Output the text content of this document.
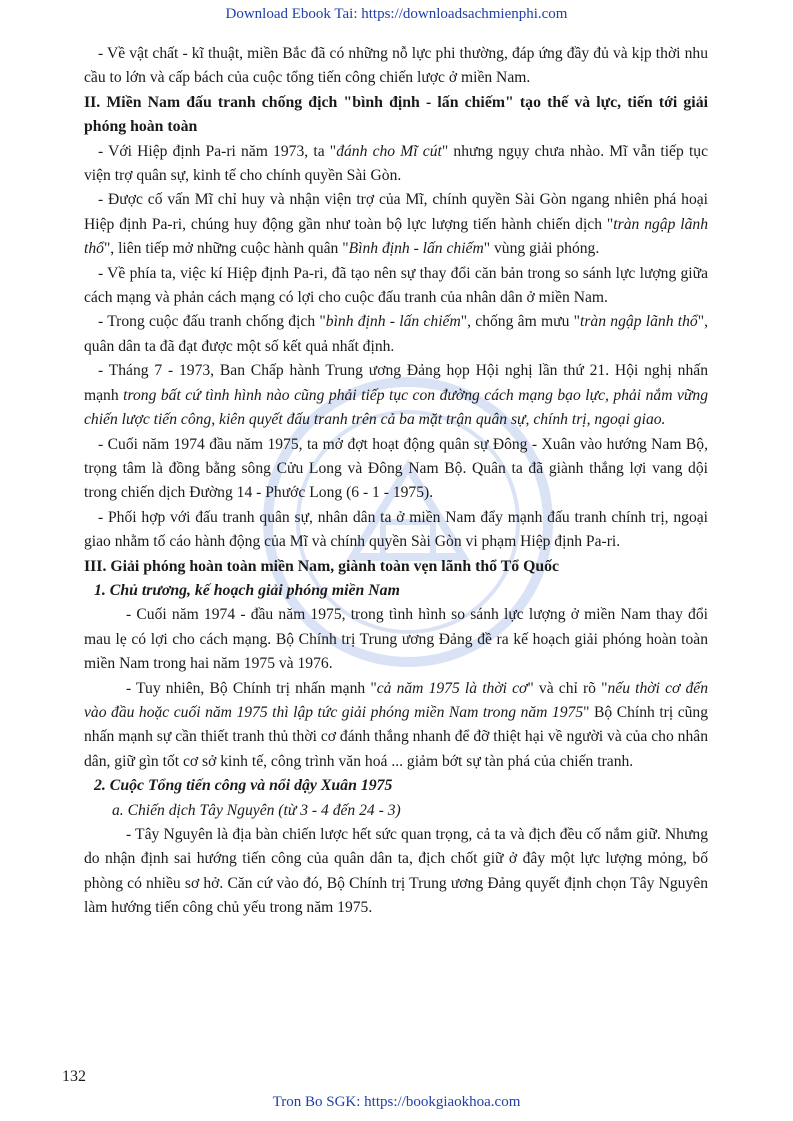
Download Ebook Tai: https://downloadsachmienphi.com

- Về vật chất - kĩ thuật, miền Bắc đã có những nỗ lực phi thường, đáp ứng đầy đủ và kịp thời nhu cầu to lớn và cấp bách của cuộc tổng tiến công chiến lược ở miền Nam.

II. Miền Nam đấu tranh chống địch "bình định - lấn chiếm" tạo thế và lực, tiến tới giải phóng hoàn toàn

- Với Hiệp định Pa-ri năm 1973, ta "đánh cho Mĩ cút" nhưng ngụy chưa nhào. Mĩ vẫn tiếp tục viện trợ quân sự, kinh tế cho chính quyền Sài Gòn.

- Được cố vấn Mĩ chỉ huy và nhận viện trợ của Mĩ, chính quyền Sài Gòn ngang nhiên phá hoại Hiệp định Pa-ri, chúng huy động gần như toàn bộ lực lượng tiến hành chiến dịch "tràn ngập lãnh thổ", liên tiếp mở những cuộc hành quân "Bình định - lấn chiếm" vùng giải phóng.

- Về phía ta, việc kí Hiệp định Pa-ri, đã tạo nên sự thay đổi căn bản trong so sánh lực lượng giữa cách mạng và phản cách mạng có lợi cho cuộc đấu tranh của nhân dân ở miền Nam.

- Trong cuộc đấu tranh chống địch "bình định - lấn chiếm", chống âm mưu "tràn ngập lãnh thổ", quân dân ta đã đạt được một số kết quả nhất định.

- Tháng 7 - 1973, Ban Chấp hành Trung ương Đảng họp Hội nghị lần thứ 21. Hội nghị nhấn mạnh trong bất cứ tình hình nào cũng phải tiếp tục con đường cách mạng bạo lực, phải nắm vững chiến lược tiến công, kiên quyết đấu tranh trên cả ba mặt trận quân sự, chính trị, ngoại giao.

- Cuối năm 1974 đầu năm 1975, ta mở đợt hoạt động quân sự Đông - Xuân vào hướng Nam Bộ, trọng tâm là đồng bằng sông Cửu Long và Đông Nam Bộ. Quân ta đã giành thắng lợi vang dội trong chiến dịch Đường 14 - Phước Long (6 - 1 - 1975).

- Phối hợp với đấu tranh quân sự, nhân dân ta ở miền Nam đẩy mạnh đấu tranh chính trị, ngoại giao nhằm tố cáo hành động của Mĩ và chính quyền Sài Gòn vi phạm Hiệp định Pa-ri.

III. Giải phóng hoàn toàn miền Nam, giành toàn vẹn lãnh thổ Tổ Quốc
1. Chủ trương, kế hoạch giải phóng miền Nam

- Cuối năm 1974 - đầu năm 1975, trong tình hình so sánh lực lượng ở miền Nam thay đổi mau lẹ có lợi cho cách mạng. Bộ Chính trị Trung ương Đảng đề ra kế hoạch giải phóng hoàn toàn miền Nam trong hai năm 1975 và 1976.

- Tuy nhiên, Bộ Chính trị nhấn mạnh "cả năm 1975 là thời cơ" và chỉ rõ "nếu thời cơ đến vào đầu hoặc cuối năm 1975 thì lập tức giải phóng miền Nam trong năm 1975" Bộ Chính trị cũng nhấn mạnh sự cần thiết tranh thủ thời cơ đánh thắng nhanh để đỡ thiệt hại về người và của cho nhân dân, giữ gìn tốt cơ sở kinh tế, công trình văn hoá ... giảm bớt sự tàn phá của chiến tranh.

2. Cuộc Tổng tiến công và nổi dậy Xuân 1975
a. Chiến dịch Tây Nguyên (từ 3 - 4 đến 24 - 3)

- Tây Nguyên là địa bàn chiến lược hết sức quan trọng, cả ta và địch đều cố nắm giữ. Nhưng do nhận định sai hướng tiến công của quân dân ta, địch chốt giữ ở đây một lực lượng mỏng, bố phòng có nhiều sơ hở. Căn cứ vào đó, Bộ Chính trị Trung ương Đảng quyết định chọn Tây Nguyên làm hướng tiến công chủ yếu trong năm 1975.

132
Tron Bo SGK: https://bookgiaokhoa.com
